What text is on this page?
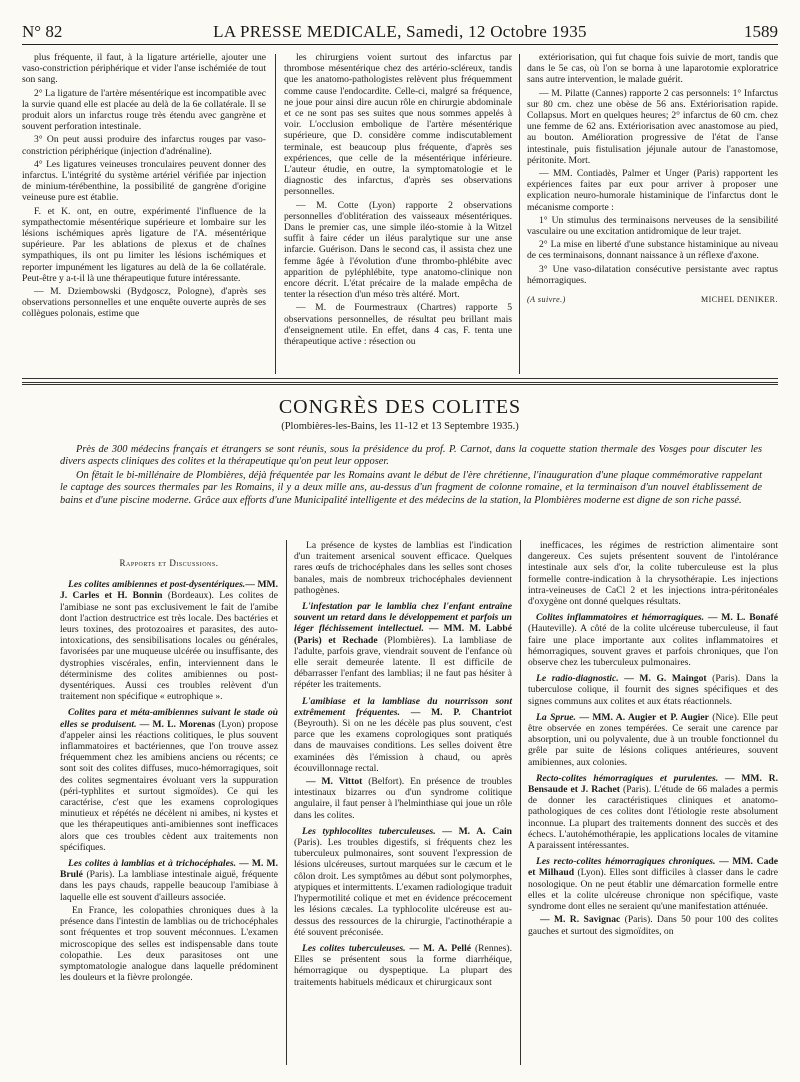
N° 82	LA PRESSE MEDICALE, Samedi, 12 Octobre 1935	1589

plus fréquente, il faut, à la ligature artérielle, ajouter une vaso-constriction périphérique et vider l'anse ischémiée de tout son sang.

2° La ligature de l'artère mésentérique est incompatible avec la survie quand elle est placée au delà de la 6e collatérale. Il se produit alors un infarctus rouge très étendu avec gangrène et souvent perforation intestinale.

3° On peut aussi produire des infarctus rouges par vaso-constriction périphérique (injection d'adrénaline).

4° Les ligatures veineuses tronculaires peuvent donner des infarctus. L'intégrité du système artériel vérifiée par injection de minium-térébenthine, la possibilité de gangrène d'origine veineuse pure est établie.

F. et K. ont, en outre, expérimenté l'influence de la sympathectomie mésentérique supérieure et lombaire sur les lésions ischémiques après ligature de l'A. mésentérique supérieure. Par les ablations de plexus et de chaînes sympathiques, ils ont pu limiter les lésions ischémiques et reporter impunément les ligatures au delà de la 6e collatérale. Peut-être y a-t-il là une thérapeutique future intéressante.

— M. Dziembowski (Bydgoscz, Pologne), d'après ses observations personnelles et une enquête ouverte auprès de ses collègues polonais, estime que

les chirurgiens voient surtout des infarctus par thrombose mésentérique chez des artério-scléreux, tandis que les anatomo-pathologistes relèvent plus fréquemment comme cause l'endocardite. Celle-ci, malgré sa fréquence, ne joue pour ainsi dire aucun rôle en chirurgie abdominale et ce ne sont pas ses suites que nous sommes appelés à voir. L'occlusion embolique de l'artère mésentérique supérieure, que D. considère comme indiscutablement terminale, est beaucoup plus fréquente, d'après ses expériences, que celle de la mésentérique inférieure. L'auteur étudie, en outre, la symptomatologie et le diagnostic des infarctus, d'après ses observations personnelles.

— M. Cotte (Lyon) rapporte 2 observations personnelles d'oblitération des vaisseaux mésentériques. Dans le premier cas, une simple iléo-stomie à la Witzel suffit à faire céder un iléus paralytique sur une anse infarcie. Guérison. Dans le second cas, il assista chez une femme âgée à l'évolution d'une thrombo-phlébite avec apparition de pyléphlébite, type anatomo-clinique non encore décrit. L'état précaire de la malade empêcha de tenter la résection d'un méso très altéré. Mort.

— M. de Fourmestraux (Chartres) rapporte 5 observations personnelles, de résultat peu brillant mais d'enseignement utile. En effet, dans 4 cas, F. tenta une thérapeutique active : résection ou

extériorisation, qui fut chaque fois suivie de mort, tandis que dans le 5e cas, où l'on se borna à une laparotomie exploratrice sans autre intervention, le malade guérit.

— M. Pilatte (Cannes) rapporte 2 cas personnels: 1° Infarctus sur 80 cm. chez une obèse de 56 ans. Extériorisation rapide. Collapsus. Mort en quelques heures; 2° infarctus de 60 cm. chez une femme de 62 ans. Extériorisation avec anastomose au pied, au bouton. Amélioration progressive de l'état de l'anse intestinale, puis fistulisation jéjunale autour de l'anastomose, péritonite. Mort.

— MM. Contiadès, Palmer et Unger (Paris) rapportent les expériences faites par eux pour arriver à proposer une explication neuro-humorale histaminique de l'infarctus dont le mécanisme comporte :

1° Un stimulus des terminaisons nerveuses de la sensibilité vasculaire ou une excitation antidromique de leur trajet.

2° La mise en liberté d'une substance histaminique au niveau de ces terminaisons, donnant naissance à un réflexe d'axone.

3° Une vaso-dilatation consécutive persistante avec raptus hémorragiques.

(A suivre.)	MICHEL DENIKER.

CONGRÈS DES COLITES
(Plombières-les-Bains, les 11-12 et 13 Septembre 1935.)

Près de 300 médecins français et étrangers se sont réunis, sous la présidence du prof. P. Carnot, dans la coquette station thermale des Vosges pour discuter les divers aspects cliniques des colites et la thérapeutique qu'on peut leur opposer.

On fêtait le bi-millénaire de Plombières, déjà fréquentée par les Romains avant le début de l'ère chrétienne, l'inauguration d'une plaque commémorative rappelant le captage des sources thermales par les Romains, il y a deux mille ans, au-dessus d'un fragment de colonne romaine, et la terminaison d'un nouvel établissement de bains et d'une piscine moderne. Grâce aux efforts d'une Municipalité intelligente et des médecins de la station, la Plombières moderne est digne de son riche passé.

Rapports et Discussions.

Les colites amibiennes et post-dysentériques.— MM. J. Carles et H. Bonnin (Bordeaux). Les colites de l'amibiase ne sont pas exclusivement le fait de l'amibe dont l'action destructrice est très locale. Des bactéries et leurs toxines, des protozoaires et parasites, des auto-intoxications, des sensibilisations locales ou générales, favorisées par une muqueuse ulcérée ou insuffisante, des dystrophies viscérales, enfin, interviennent dans le déterminisme des colites amibiennes ou post-dysentériques. Aussi ces troubles relèvent d'un traitement non spécifique « eutrophique ».

Colites para et méta-amibiennes suivant le stade où elles se produisent. — M. L. Morenas (Lyon) propose d'appeler ainsi les réactions colitiques, le plus souvent inflammatoires et bactériennes, que l'on trouve assez fréquemment chez les amibiens anciens ou récents; ce sont soit des colites diffuses, muco-hémorragiques, soit des colites segmentaires évoluant vers la suppuration (péri-typhlites et surtout sigmoïdes). Ce qui les caractérise, c'est que les examens coprologiques minutieux et répétés ne décèlent ni amibes, ni kystes et que les thérapeutiques anti-amibiennes sont inefficaces alors que ces troubles cèdent aux traitements non spécifiques.

Les colites à lamblias et à trichocéphales. — M. M. Brulé (Paris). La lambliase intestinale aiguë, fréquente dans les pays chauds, rappelle beaucoup l'amibiase à laquelle elle est souvent d'ailleurs associée.

En France, les colopathies chroniques dues à la présence dans l'intestin de lamblias ou de trichocéphales sont fréquentes et trop souvent méconnues. L'examen microscopique des selles est indispensable dans toute colopathie. Les deux parasitoses ont une symptomatologie analogue dans laquelle prédominent les douleurs et la fièvre prolongée.

La présence de kystes de lamblias est l'indication d'un traitement arsenical souvent efficace. Quelques rares œufs de trichocéphales dans les selles sont choses banales, mais de nombreux trichocéphales deviennent pathogènes.

L'infestation par le lamblia chez l'enfant entraîne souvent un retard dans le développement et parfois un léger fléchissement intellectuel. — MM. M. Labbé (Paris) et Rechade (Plombières). La lambliase de l'adulte, parfois grave, viendrait souvent de l'enfance où elle serait demeurée latente. Il est difficile de débarrasser l'enfant des lamblias; il ne faut pas hésiter à répéter les traitements.

L'amibiase et la lambliase du nourrisson sont extrêmement fréquentes. — M. P. Chantriot (Beyrouth). Si on ne les décèle pas plus souvent, c'est parce que les examens coprologiques sont pratiqués dans de mauvaises conditions. Les selles doivent être examinées dès l'émission à chaud, ou après écouvillonnage rectal.

— M. Vittot (Belfort). En présence de troubles intestinaux bizarres ou d'un syndrome colitique angulaire, il faut penser à l'helminthiase qui joue un rôle dans les colites.

Les typhlocolites tuberculeuses. — M. A. Cain (Paris). Les troubles digestifs, si fréquents chez les tuberculeux pulmonaires, sont souvent l'expression de lésions ulcéreuses, surtout marquées sur le cæcum et le côlon droit. Les symptômes au début sont polymorphes, atypiques et intermittents. L'examen radiologique traduit l'hypermotilité colique et met en évidence précocement les lésions cæcales. La typhlocolite ulcéreuse est au-dessus des ressources de la chirurgie, l'actinothérapie a été souvent préconisée.

Les colites tuberculeuses. — M. A. Pellé (Rennes). Elles se présentent sous la forme diarrhéique, hémorragique ou dyspeptique. La plupart des traitements habituels médicaux et chirurgicaux sont

inefficaces, les régimes de restriction alimentaire sont dangereux. Ces sujets présentent souvent de l'intolérance intestinale aux sels d'or, la colite tuberculeuse est la plus formelle contre-indication à la chrysothérapie. Les injections intra-veineuses de CaCl 2 et les injections intra-péritonéales d'oxygène ont donné quelques résultats.

Colites inflammatoires et hémorragiques. — M. L. Bonafé (Hauteville). A côté de la colite ulcéreuse tuberculeuse, il faut faire une place importante aux colites inflammatoires et hémorragiques, souvent graves et parfois chroniques, que l'on observe chez les tuberculeux pulmonaires.

Le radio-diagnostic. — M. G. Maingot (Paris). Dans la tuberculose colique, il fournit des signes spécifiques et des signes communs aux colites et aux états réactionnels.

La Sprue. — MM. A. Augier et P. Augier (Nice). Elle peut être observée en zones tempérées. Ce serait une carence par absorption, uni ou polyvalente, due à un trouble fonctionnel du grêle par suite de lésions coliques antérieures, souvent amibiennes, aux colonies.

Recto-colites hémorragiques et purulentes. — MM. R. Bensaude et J. Rachet (Paris). L'étude de 66 malades a permis de donner les caractéristiques cliniques et anatomo-pathologiques de ces colites dont l'étiologie reste absolument inconnue. La plupart des traitements donnent des succès et des échecs. L'autohémothérapie, les applications locales de vitamine A paraissent intéressantes.

Les recto-colites hémorragiques chroniques. — MM. Cade et Milhaud (Lyon). Elles sont difficiles à classer dans le cadre nosologique. On ne peut établir une démarcation formelle entre elles et la colite ulcéreuse chronique non spécifique, vaste syndrome dont elles ne seraient qu'une manifestation atténuée.

— M. R. Savignac (Paris). Dans 50 pour 100 des colites gauches et surtout des sigmoïdites, on
